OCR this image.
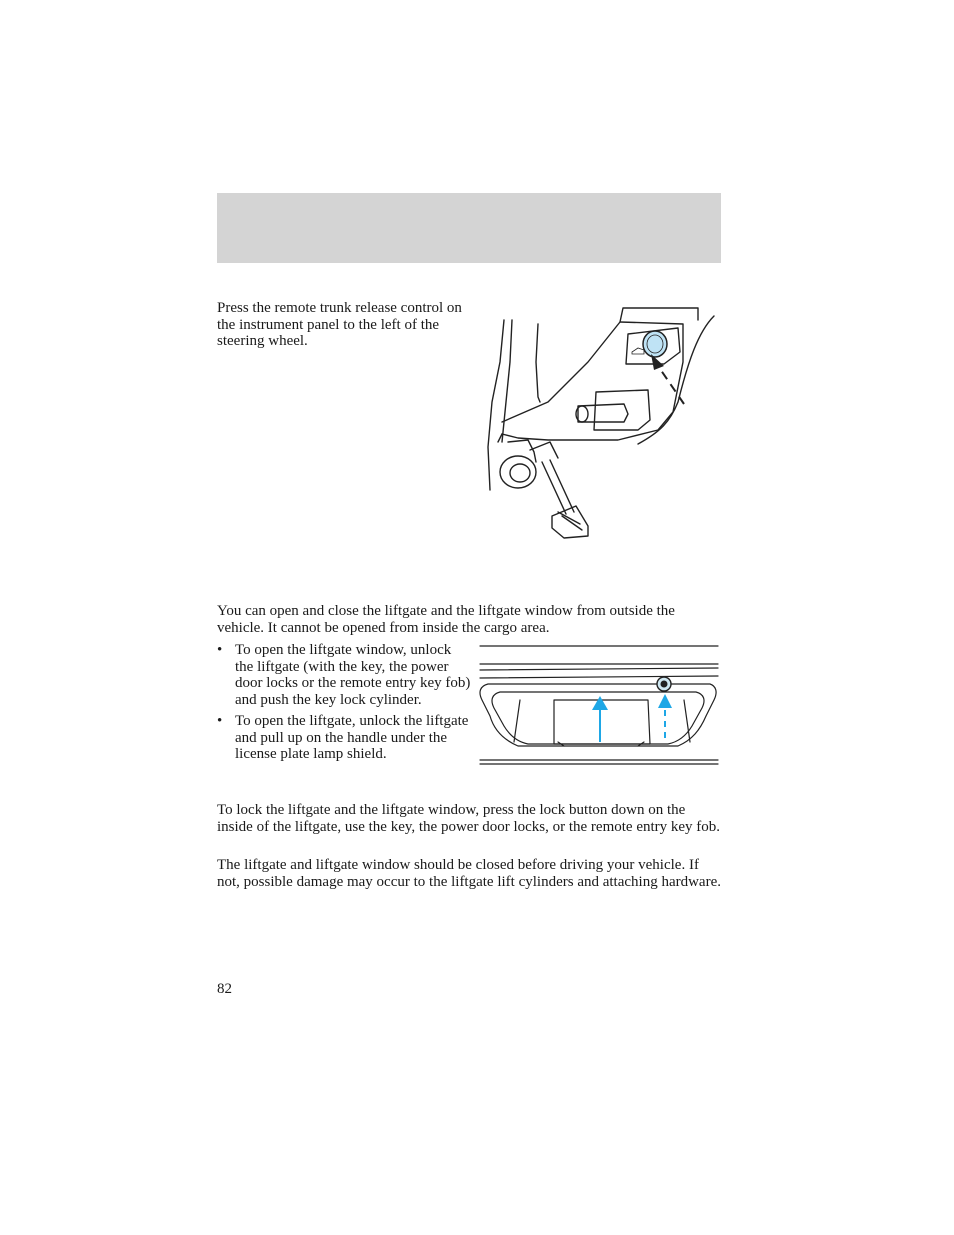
Press the remote trunk release control on the instrument panel to the left of the steering wheel.

You can open and close the liftgate and the liftgate window from outside the vehicle. It cannot be opened from inside the cargo area.

• To open the liftgate window, unlock the liftgate (with the key, the power door locks or the remote entry key fob) and push the key lock cylinder.
• To open the liftgate, unlock the liftgate and pull up on the handle under the license plate lamp shield.

To lock the liftgate and the liftgate window, press the lock button down on the inside of the liftgate, use the key, the power door locks, or the remote entry key fob.

The liftgate and liftgate window should be closed before driving your vehicle. If not, possible damage may occur to the liftgate lift cylinders and attaching hardware.

82
